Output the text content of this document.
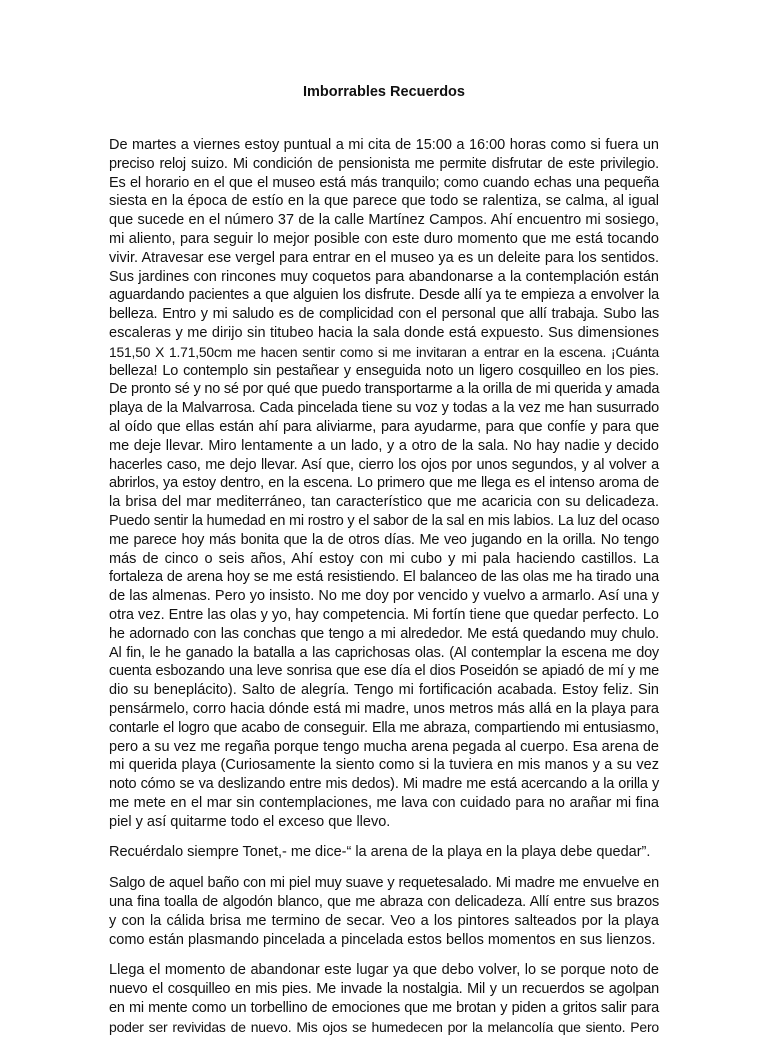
Imborrables Recuerdos
De martes a viernes estoy puntual a mi cita de 15:00 a 16:00 horas como si fuera un
preciso reloj suizo. Mi condición de pensionista me permite disfrutar de este privilegio.
Es el horario en el que el museo está más tranquilo; como cuando echas una pequeña
siesta en la época de estío en la que parece que todo se ralentiza, se calma, al igual
que sucede en el número 37 de la calle Martínez Campos. Ahí encuentro mi sosiego,
mi aliento, para seguir lo mejor posible con este duro momento que me está tocando
vivir. Atravesar ese vergel para entrar en el museo ya es un deleite para los sentidos.
Sus jardines con rincones muy coquetos para abandonarse a la contemplación están
aguardando pacientes a que alguien los disfrute. Desde allí ya te empieza a envolver la
belleza. Entro y mi saludo es de complicidad con el personal que allí trabaja. Subo las
escaleras y me dirijo sin titubeo hacia la sala donde está expuesto. Sus dimensiones
151,50 X 1.71,50cm me hacen sentir como si me invitaran a entrar en la escena. ¡Cuánta
belleza! Lo contemplo sin pestañear y enseguida noto un ligero cosquilleo en los pies.
De pronto sé y no sé por qué que puedo transportarme a la orilla de mi querida y amada
playa de la Malvarrosa. Cada pincelada tiene su voz y todas a la vez me han susurrado
al oído que ellas están ahí para aliviarme, para ayudarme, para que confíe y para que
me deje llevar. Miro lentamente a un lado, y a otro de la sala. No hay nadie y decido
hacerles caso, me dejo llevar. Así que, cierro los ojos por unos segundos, y al volver a
abrirlos, ya estoy dentro, en la escena. Lo primero que me llega es el intenso aroma de
la brisa del mar mediterráneo, tan característico que me acaricia con su delicadeza.
Puedo sentir la humedad en mi rostro y el sabor de la sal en mis labios. La luz del ocaso
me parece hoy más bonita que la de otros días. Me veo jugando en la orilla. No tengo
más de cinco o seis años, Ahí estoy con mi cubo y mi pala haciendo castillos. La
fortaleza de arena hoy se me está resistiendo. El balanceo de las olas me ha tirado una
de las almenas. Pero yo insisto. No me doy por vencido y vuelvo a armarlo. Así una y
otra vez. Entre las olas y yo, hay competencia. Mi fortín tiene que quedar perfecto. Lo
he adornado con las conchas que tengo a mi alrededor. Me está quedando muy chulo.
Al fin, le he ganado la batalla a las caprichosas olas. (Al contemplar la escena me doy
cuenta esbozando una leve sonrisa que ese día el dios Poseidón se apiadó de mí y me
dio su beneplácito). Salto de alegría. Tengo mi fortificación acabada. Estoy feliz. Sin
pensármelo, corro hacia dónde está mi madre, unos metros más allá en la playa para
contarle el logro que acabo de conseguir. Ella me abraza, compartiendo mi entusiasmo,
pero a su vez me regaña porque tengo mucha arena pegada al cuerpo. Esa arena de
mi querida playa (Curiosamente la siento como si la tuviera en mis manos y a su vez
noto cómo se va deslizando entre mis dedos). Mi madre me está acercando a la orilla y
me mete en el mar sin contemplaciones, me lava con cuidado para no arañar mi fina
piel y así quitarme todo el exceso que llevo.
Recuérdalo siempre Tonet,- me dice-“ la arena de la playa en la playa debe quedar”.
Salgo de aquel baño con mi piel muy suave y requetesalado. Mi madre me envuelve en
una fina toalla de algodón blanco, que me abraza con delicadeza. Allí entre sus brazos
y con la cálida brisa me termino de secar. Veo a los pintores salteados por la playa
como están plasmando pincelada a pincelada estos bellos momentos en sus lienzos.
Llega el momento de abandonar este lugar ya que debo volver, lo se porque noto de
nuevo el cosquilleo en mis pies. Me invade la nostalgia. Mil y un recuerdos se agolpan
en mi mente como un torbellino de emociones que me brotan y piden a gritos salir para
poder ser revividas de nuevo. Mis ojos se humedecen por la melancolía que siento. Pero
